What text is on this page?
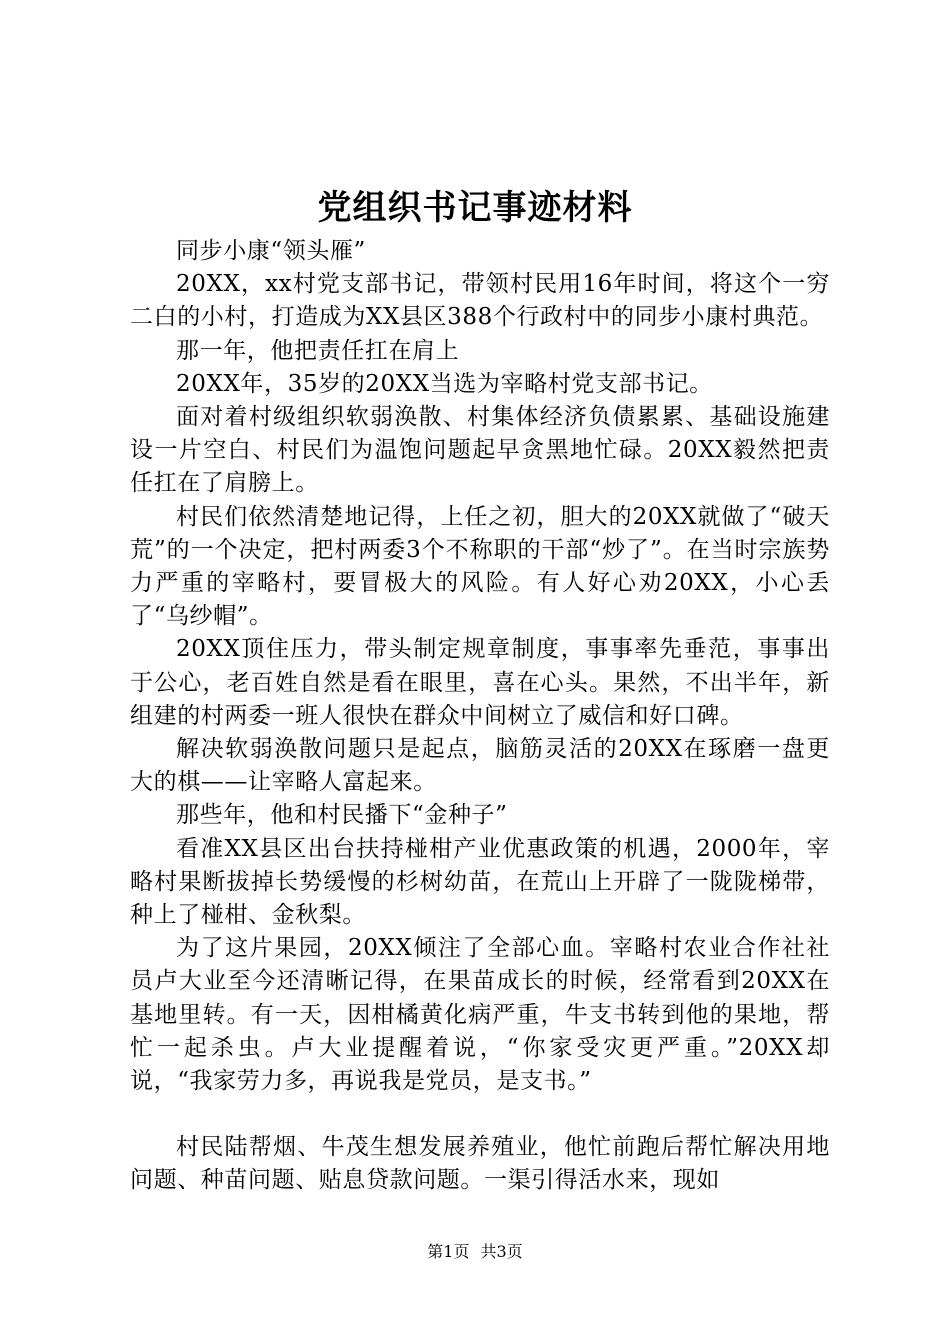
党组织书记事迹材料

同步小康“领头雁”

20XX，xx村党支部书记，带领村民用16年时间，将这个一穷二白的小村，打造成为XX县区388个行政村中的同步小康村典范。

那一年，他把责任扛在肩上

20XX年，35岁的20XX当选为宰略村党支部书记。

面对着村级组织软弱涣散、村集体经济负债累累、基础设施建设一片空白、村民们为温饱问题起早贪黑地忙碌。20XX毅然把责任扛在了肩膀上。

村民们依然清楚地记得，上任之初，胆大的20XX就做了“破天荒”的一个决定，把村两委3个不称职的干部“炒了”。在当时宗族势力严重的宰略村，要冒极大的风险。有人好心劝20XX，小心丢了“乌纱帽”。

20XX顶住压力，带头制定规章制度，事事率先垂范，事事出于公心，老百姓自然是看在眼里，喜在心头。果然，不出半年，新组建的村两委一班人很快在群众中间树立了威信和好口碑。

解决软弱涣散问题只是起点，脑筋灵活的20XX在琢磨一盘更大的棋——让宰略人富起来。

那些年，他和村民播下“金种子”

看准XX县区出台扶持椪柑产业优惠政策的机遇，2000年，宰略村果断拔掉长势缓慢的杉树幼苗，在荒山上开辟了一陇陇梯带，种上了椪柑、金秋梨。

为了这片果园，20XX倾注了全部心血。宰略村农业合作社社员卢大业至今还清晰记得，在果苗成长的时候，经常看到20XX在基地里转。有一天，因柑橘黄化病严重，牛支书转到他的果地，帮忙一起杀虫。卢大业提醒着说，“你家受灾更严重。”20XX却说，“我家劳力多，再说我是党员，是支书。”

村民陆帮烟、牛茂生想发展养殖业，他忙前跑后帮忙解决用地问题、种苗问题、贴息贷款问题。一渠引得活水来，现如

第1页 共3页
